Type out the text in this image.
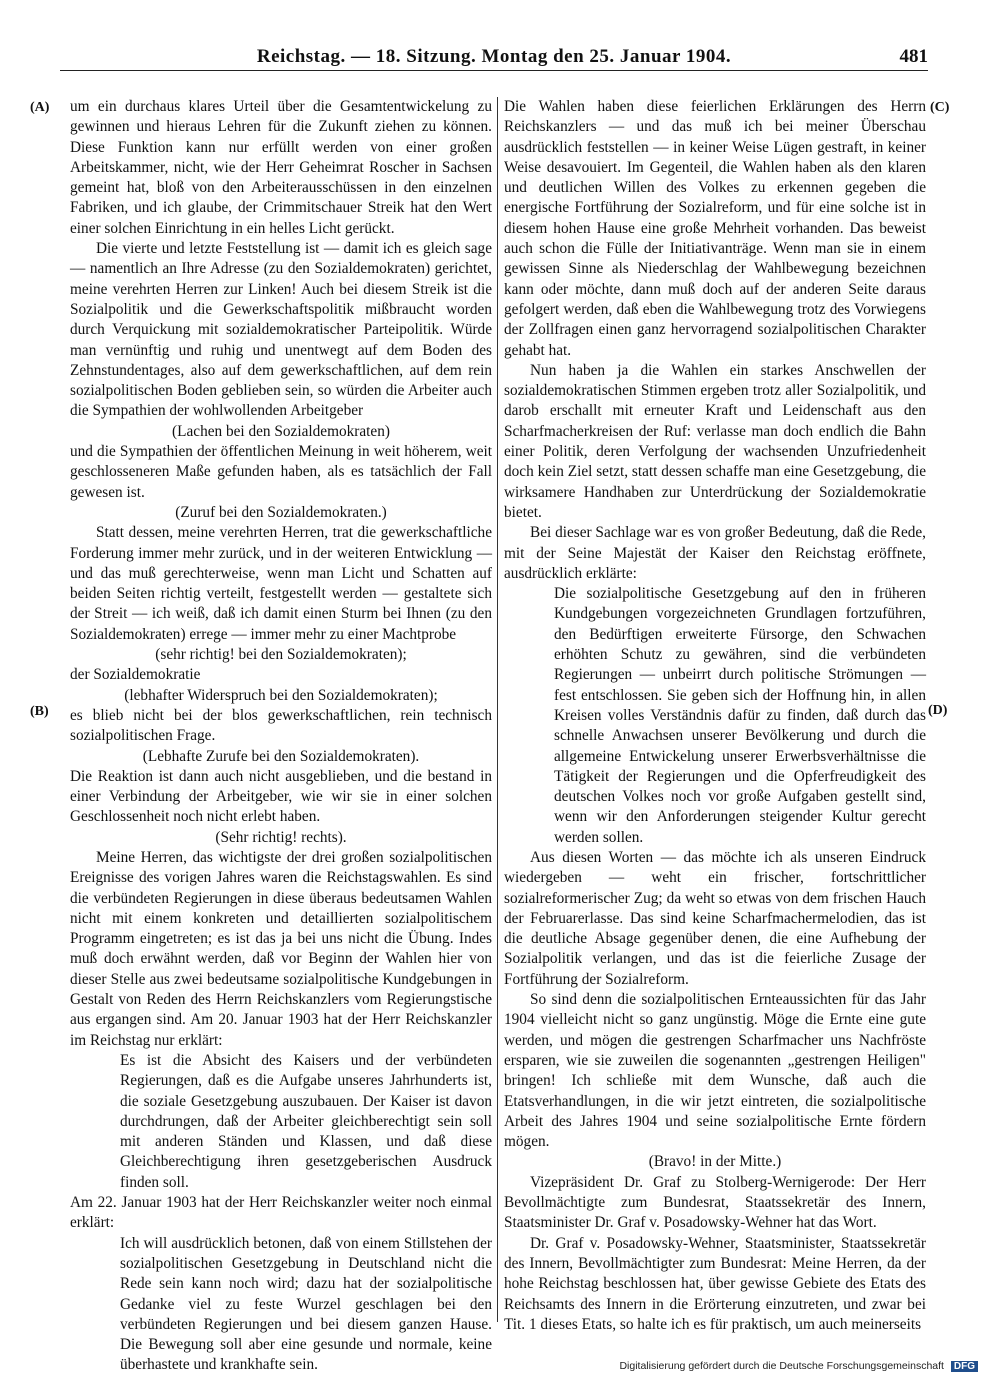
Reichstag. — 18. Sitzung. Montag den 25. Januar 1904.	481
(A)
(B)
(C)
(D)

um ein durchaus klares Urteil über die Gesamtentwickelung zu gewinnen und hieraus Lehren für die Zukunft ziehen zu können. Diese Funktion kann nur erfüllt werden von einer großen Arbeitskammer, nicht, wie der Herr Geheimrat Roscher in Sachsen gemeint hat, bloß von den Arbeiterausschüssen in den einzelnen Fabriken, und ich glaube, der Crimmitschauer Streik hat den Wert einer solchen Einrichtung in ein helles Licht gerückt.

Die vierte und letzte Feststellung ist — damit ich es gleich sage — namentlich an Ihre Adresse (zu den Sozialdemokraten) gerichtet, meine verehrten Herren zur Linken! Auch bei diesem Streik ist die Sozialpolitik und die Gewerkschaftspolitik mißbraucht worden durch Verquickung mit sozialdemokratischer Parteipolitik. Würde man vernünftig und ruhig und unentwegt auf dem Boden des Zehnstundentages, also auf dem gewerkschaftlichen, auf dem rein sozialpolitischen Boden geblieben sein, so würden die Arbeiter auch die Sympathien der wohlwollenden Arbeitgeber

(Lachen bei den Sozialdemokraten)

und die Sympathien der öffentlichen Meinung in weit höherem, weit geschlosseneren Maße gefunden haben, als es tatsächlich der Fall gewesen ist.

(Zuruf bei den Sozialdemokraten.)

Statt dessen, meine verehrten Herren, trat die gewerkschaftliche Forderung immer mehr zurück, und in der weiteren Entwicklung — und das muß gerechterweise, wenn man Licht und Schatten auf beiden Seiten richtig verteilt, festgestellt werden — gestaltete sich der Streit — ich weiß, daß ich damit einen Sturm bei Ihnen (zu den Sozialdemokraten) errege — immer mehr zu einer Machtprobe

(sehr richtig! bei den Sozialdemokraten);

der Sozialdemokratie

(lebhafter Widerspruch bei den Sozialdemokraten);

es blieb nicht bei der blos gewerkschaftlichen, rein technisch sozialpolitischen Frage.

(Lebhafte Zurufe bei den Sozialdemokraten).

Die Reaktion ist dann auch nicht ausgeblieben, und die bestand in einer Verbindung der Arbeitgeber, wie wir sie in einer solchen Geschlossenheit noch nicht erlebt haben.

(Sehr richtig! rechts).

Meine Herren, das wichtigste der drei großen sozialpolitischen Ereignisse des vorigen Jahres waren die Reichstagswahlen. Es sind die verbündeten Regierungen in diese überaus bedeutsamen Wahlen nicht mit einem konkreten und detaillierten sozialpolitischem Programm eingetreten; es ist das ja bei uns nicht die Übung. Indes muß doch erwähnt werden, daß vor Beginn der Wahlen hier von dieser Stelle aus zwei bedeutsame sozialpolitische Kundgebungen in Gestalt von Reden des Herrn Reichskanzlers vom Regierungstische aus ergangen sind. Am 20. Januar 1903 hat der Herr Reichskanzler im Reichstag nur erklärt:

Es ist die Absicht des Kaisers und der verbündeten Regierungen, daß es die Aufgabe unseres Jahrhunderts ist, die soziale Gesetzgebung auszubauen. Der Kaiser ist davon durchdrungen, daß der Arbeiter gleichberechtigt sein soll mit anderen Ständen und Klassen, und daß diese Gleichberechtigung ihren gesetzgeberischen Ausdruck finden soll.

Am 22. Januar 1903 hat der Herr Reichskanzler weiter noch einmal erklärt:

Ich will ausdrücklich betonen, daß von einem Stillstehen der sozialpolitischen Gesetzgebung in Deutschland nicht die Rede sein kann noch wird; dazu hat der sozialpolitische Gedanke viel zu feste Wurzel geschlagen bei den verbündeten Regierungen und bei diesem ganzen Hause. Die Bewegung soll aber eine gesunde und normale, keine überhastete und krankhafte sein.

Die Wahlen haben diese feierlichen Erklärungen des Herrn Reichskanzlers — und das muß ich bei meiner Überschau ausdrücklich feststellen — in keiner Weise Lügen gestraft, in keiner Weise desavouiert. Im Gegenteil, die Wahlen haben als den klaren und deutlichen Willen des Volkes zu erkennen gegeben die energische Fortführung der Sozialreform, und für eine solche ist in diesem hohen Hause eine große Mehrheit vorhanden. Das beweist auch schon die Fülle der Initiativanträge. Wenn man sie in einem gewissen Sinne als Niederschlag der Wahlbewegung bezeichnen kann oder möchte, dann muß doch auf der anderen Seite daraus gefolgert werden, daß eben die Wahlbewegung trotz des Vorwiegens der Zollfragen einen ganz hervorragend sozialpolitischen Charakter gehabt hat.

Nun haben ja die Wahlen ein starkes Anschwellen der sozialdemokratischen Stimmen ergeben trotz aller Sozialpolitik, und darob erschallt mit erneuter Kraft und Leidenschaft aus den Scharfmacherkreisen der Ruf: verlasse man doch endlich die Bahn einer Politik, deren Verfolgung der wachsenden Unzufriedenheit doch kein Ziel setzt, statt dessen schaffe man eine Gesetzgebung, die wirksamere Handhaben zur Unterdrückung der Sozialdemokratie bietet.

Bei dieser Sachlage war es von großer Bedeutung, daß die Rede, mit der Seine Majestät der Kaiser den Reichstag eröffnete, ausdrücklich erklärte:

Die sozialpolitische Gesetzgebung auf den in früheren Kundgebungen vorgezeichneten Grundlagen fortzuführen, den Bedürftigen erweiterte Fürsorge, den Schwachen erhöhten Schutz zu gewähren, sind die verbündeten Regierungen — unbeirrt durch politische Strömungen — fest entschlossen. Sie geben sich der Hoffnung hin, in allen Kreisen volles Verständnis dafür zu finden, daß durch das schnelle Anwachsen unserer Bevölkerung und durch die allgemeine Entwickelung unserer Erwerbsverhältnisse die Tätigkeit der Regierungen und die Opferfreudigkeit des deutschen Volkes noch vor große Aufgaben gestellt sind, wenn wir den Anforderungen steigender Kultur gerecht werden sollen.

Aus diesen Worten — das möchte ich als unseren Eindruck wiedergeben — weht ein frischer, fortschrittlicher sozialreformerischer Zug; da weht so etwas von dem frischen Hauch der Februarerlasse. Das sind keine Scharfmachermelodien, das ist die deutliche Absage gegenüber denen, die eine Aufhebung der Sozialpolitik verlangen, und das ist die feierliche Zusage der Fortführung der Sozialreform.

So sind denn die sozialpolitischen Ernteaussichten für das Jahr 1904 vielleicht nicht so ganz ungünstig. Möge die Ernte eine gute werden, und mögen die gestrengen Scharfmacher uns Nachfröste ersparen, wie sie zuweilen die sogenannten „gestrengen Heiligen" bringen! Ich schließe mit dem Wunsche, daß auch die Etatsverhandlungen, in die wir jetzt eintreten, die sozialpolitische Arbeit des Jahres 1904 und seine sozialpolitische Ernte fördern mögen.

(Bravo! in der Mitte.)

Vizepräsident Dr. Graf zu Stolberg-Wernigerode: Der Herr Bevollmächtigte zum Bundesrat, Staatssekretär des Innern, Staatsminister Dr. Graf v. Posadowsky-Wehner hat das Wort.

Dr. Graf v. Posadowsky-Wehner, Staatsminister, Staatssekretär des Innern, Bevollmächtigter zum Bundesrat: Meine Herren, da der hohe Reichstag beschlossen hat, über gewisse Gebiete des Etats des Reichsamts des Innern in die Erörterung einzutreten, und zwar bei Tit. 1 dieses Etats, so halte ich es für praktisch, um auch meinerseits

Digitalisierung gefördert durch die Deutsche Forschungsgemeinschaft DFG
